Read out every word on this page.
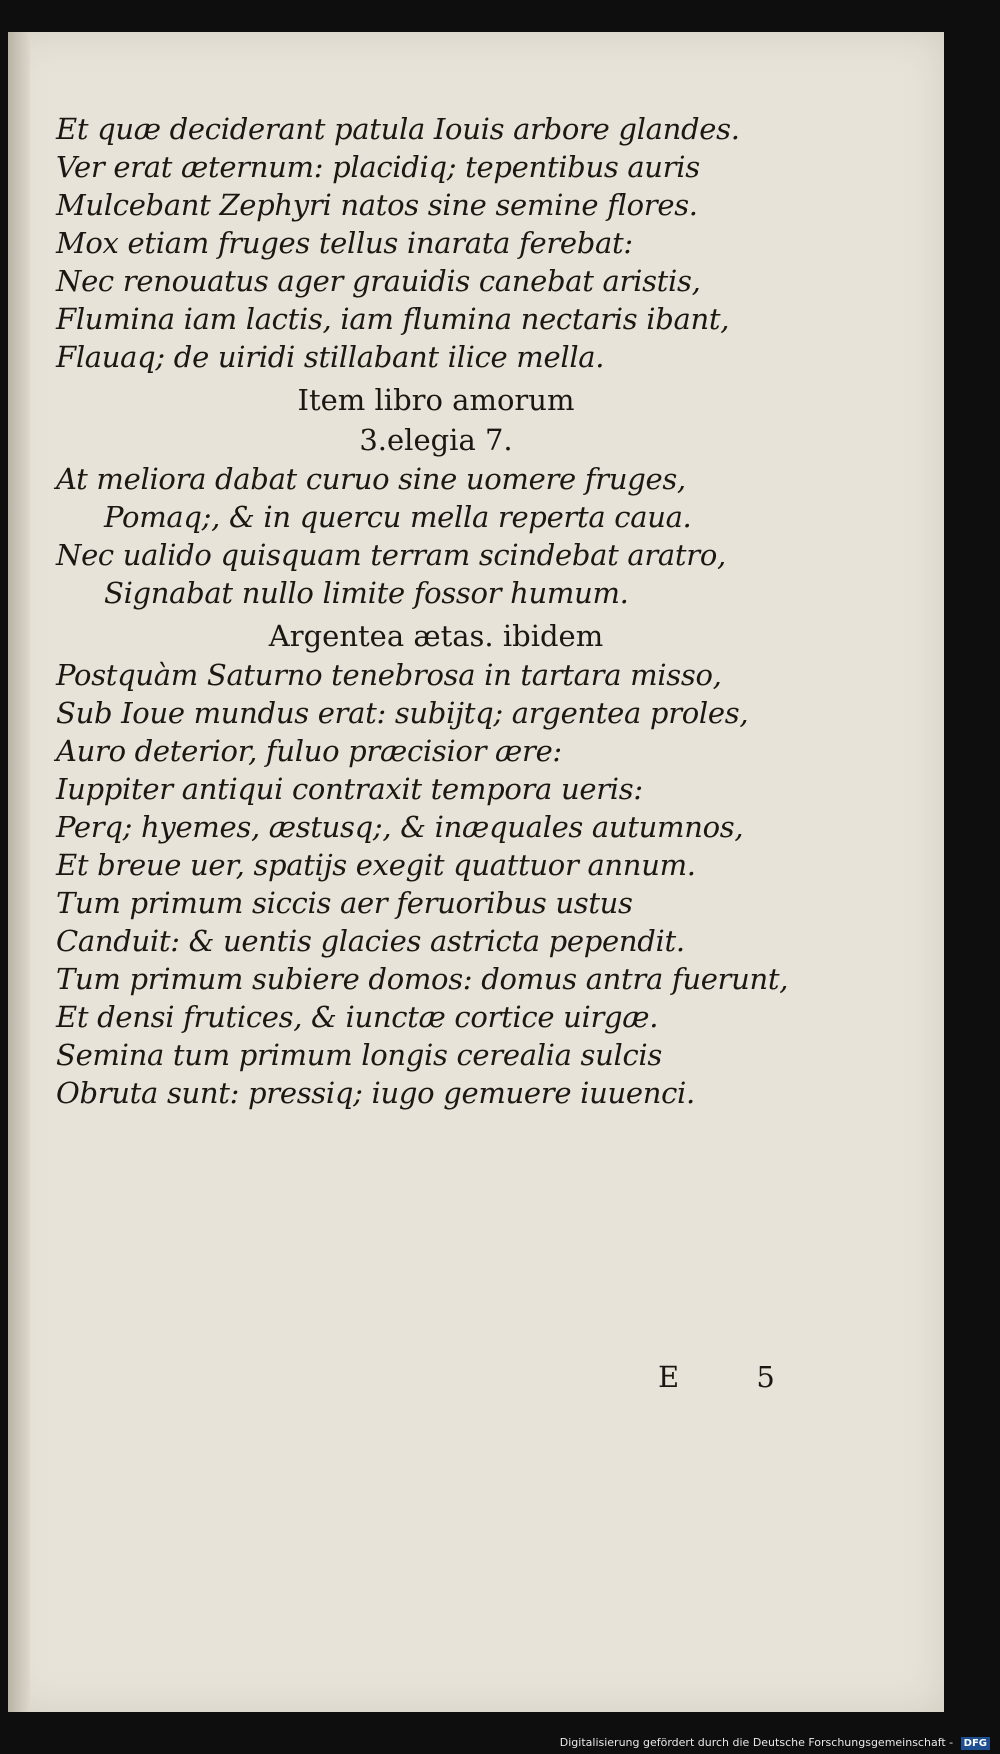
Et quæ deciderant patula Iouis arbore glandes.

Ver erat æternum: placidiq; tepentibus auris

Mulcebant Zephyri natos sine semine flores.

Mox etiam fruges tellus inarata ferebat:

Nec renouatus ager grauidis canebat aristis,

Flumina iam lactis, iam flumina nectaris ibant,

Flauaq; de uiridi stillabant ilice mella.

Item libro amorum

3.elegia 7.

At meliora dabat curuo sine uomere fruges,

Pomaq;, & in quercu mella reperta caua.

Nec ualido quisquam terram scindebat aratro,

Signabat nullo limite fossor humum.

Argentea ætas. ibidem

Postquàm Saturno tenebrosa in tartara misso,

Sub Ioue mundus erat: subijtq; argentea proles,

Auro deterior, fuluo præcisior ære:

Iuppiter antiqui contraxit tempora ueris:

Perq; hyemes, æstusq;, & inæquales autumnos,

Et breue uer, spatijs exegit quattuor annum.

Tum primum siccis aer feruoribus ustus

Canduit: & uentis glacies astricta pependit.

Tum primum subiere domos: domus antra fuerunt,

Et densi frutices, & iunctæ cortice uirgæ.

Semina tum primum longis cerealia sulcis

Obruta sunt: pressiq; iugo gemuere iuuenci.

E 5
Digitalisierung gefördert durch die Deutsche Forschungsgemeinschaft - DFG
